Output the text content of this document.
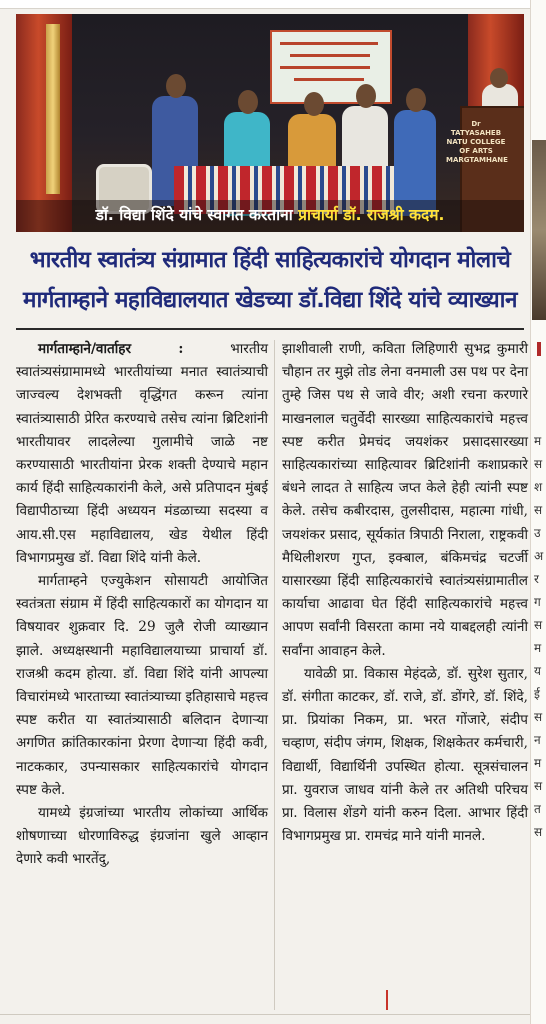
Dr TATYASAHEB NATU COLLEGE OF ARTS MARGTAMHANE
डॉ. विद्या शिंदे यांचे स्वागत करताना प्राचार्या डॉ. राजश्री कदम.
भारतीय स्वातंत्र्य संग्रामात हिंदी साहित्यकारांचे योगदान मोलाचे
मार्गताम्हाने महाविद्यालयात खेडच्या डॉ.विद्या शिंदे यांचे व्याख्यान

मार्गताम्हाने/वार्ताहर :	भारतीय स्वातंत्र्यसंग्रामामध्ये भारतीयांच्या मनात स्वातंत्र्याची जाज्वल्य देशभक्ती वृद्धिंगत करून त्यांना स्वातंत्र्यासाठी प्रेरित करण्याचे तसेच त्यांना ब्रिटिशांनी भारतीयावर लादलेल्या गुलामीचे जाळे नष्ट करण्यासाठी भारतीयांना प्रेरक शक्ती देण्याचे महान कार्य हिंदी साहित्यकारांनी केले, असे प्रतिपादन मुंबई विद्यापीठाच्या हिंदी अध्ययन मंडळाच्या सदस्या व आय.सी.एस महाविद्यालय, खेड येथील हिंदी विभागप्रमुख डॉ. विद्या शिंदे यांनी केले.

मार्गताम्हने एज्युकेशन सोसायटी आयोजित स्वतंत्रता संग्राम में हिंदी साहित्यकारों का योगदान या विषयावर शुक्रवार दि. 29 जुलै रोजी व्याख्यान झाले. अध्यक्षस्थानी महाविद्यालयाच्या प्राचार्या डॉ. राजश्री कदम होत्या. डॉ. विद्या शिंदे यांनी आपल्या विचारांमध्ये भारताच्या स्वातंत्र्याच्या इतिहासाचे महत्त्व स्पष्ट करीत या स्वातंत्र्यासाठी बलिदान देणाऱ्या अगणित क्रांतिकारकांना प्रेरणा देणाऱ्या हिंदी कवी, नाटककार, उपन्यासकार साहित्यकारांचे योगदान स्पष्ट केले.

यामध्ये इंग्रजांच्या भारतीय लोकांच्या आर्थिक शोषणाच्या धोरणाविरुद्ध इंग्रजांना खुले आव्हान देणारे कवी भारतेंदु,

झाशीवाली राणी, कविता लिहिणारी सुभद्र कुमारी चौहान तर मुझे तोड लेना वनमाली उस पथ पर देना तुम्हे जिस पथ से जावे वीर; अशी रचना करणारे माखनलाल चतुर्वेदी सारख्या साहित्यकारांचे महत्त्व स्पष्ट करीत प्रेमचंद जयशंकर प्रसादसारख्या साहित्यकारांच्या साहित्यावर ब्रिटिशांनी कशाप्रकारे बंधने लादत ते साहित्य जप्त केले हेही त्यांनी स्पष्ट केले. तसेच कबीरदास, तुलसीदास, महात्मा गांधी, जयशंकर प्रसाद, सूर्यकांत त्रिपाठी निराला, राष्ट्रकवी मैथिलीशरण गुप्त, इक्बाल, बंकिमचंद्र चटर्जी यासारख्या हिंदी साहित्यकारांचे स्वातंत्र्यसंग्रामातील कार्याचा आढावा घेत हिंदी साहित्यकारांचे महत्त्व आपण सर्वांनी विसरता कामा नये याबद्दलही त्यांनी सर्वांना आवाहन केले.

यावेळी प्रा. विकास मेहंदळे, डॉ. सुरेश सुतार, डॉ. संगीता काटकर, डॉ. राजे, डॉ. डोंगरे, डॉ. शिंदे, प्रा. प्रियांका निकम, प्रा. भरत गोंजारे, संदीप चव्हाण, संदीप जंगम, शिक्षक, शिक्षकेतर कर्मचारी, विद्यार्थी, विद्यार्थिनी उपस्थित होत्या. सूत्रसंचालन प्रा. युवराज जाधव यांनी केले तर अतिथी परिचय प्रा. विलास शेंडगे यांनी करुन दिला. आभार हिंदी विभागप्रमुख प्रा. रामचंद्र माने यांनी मानले.

म स श स उ अ र ग स म य ई स न म स त स
